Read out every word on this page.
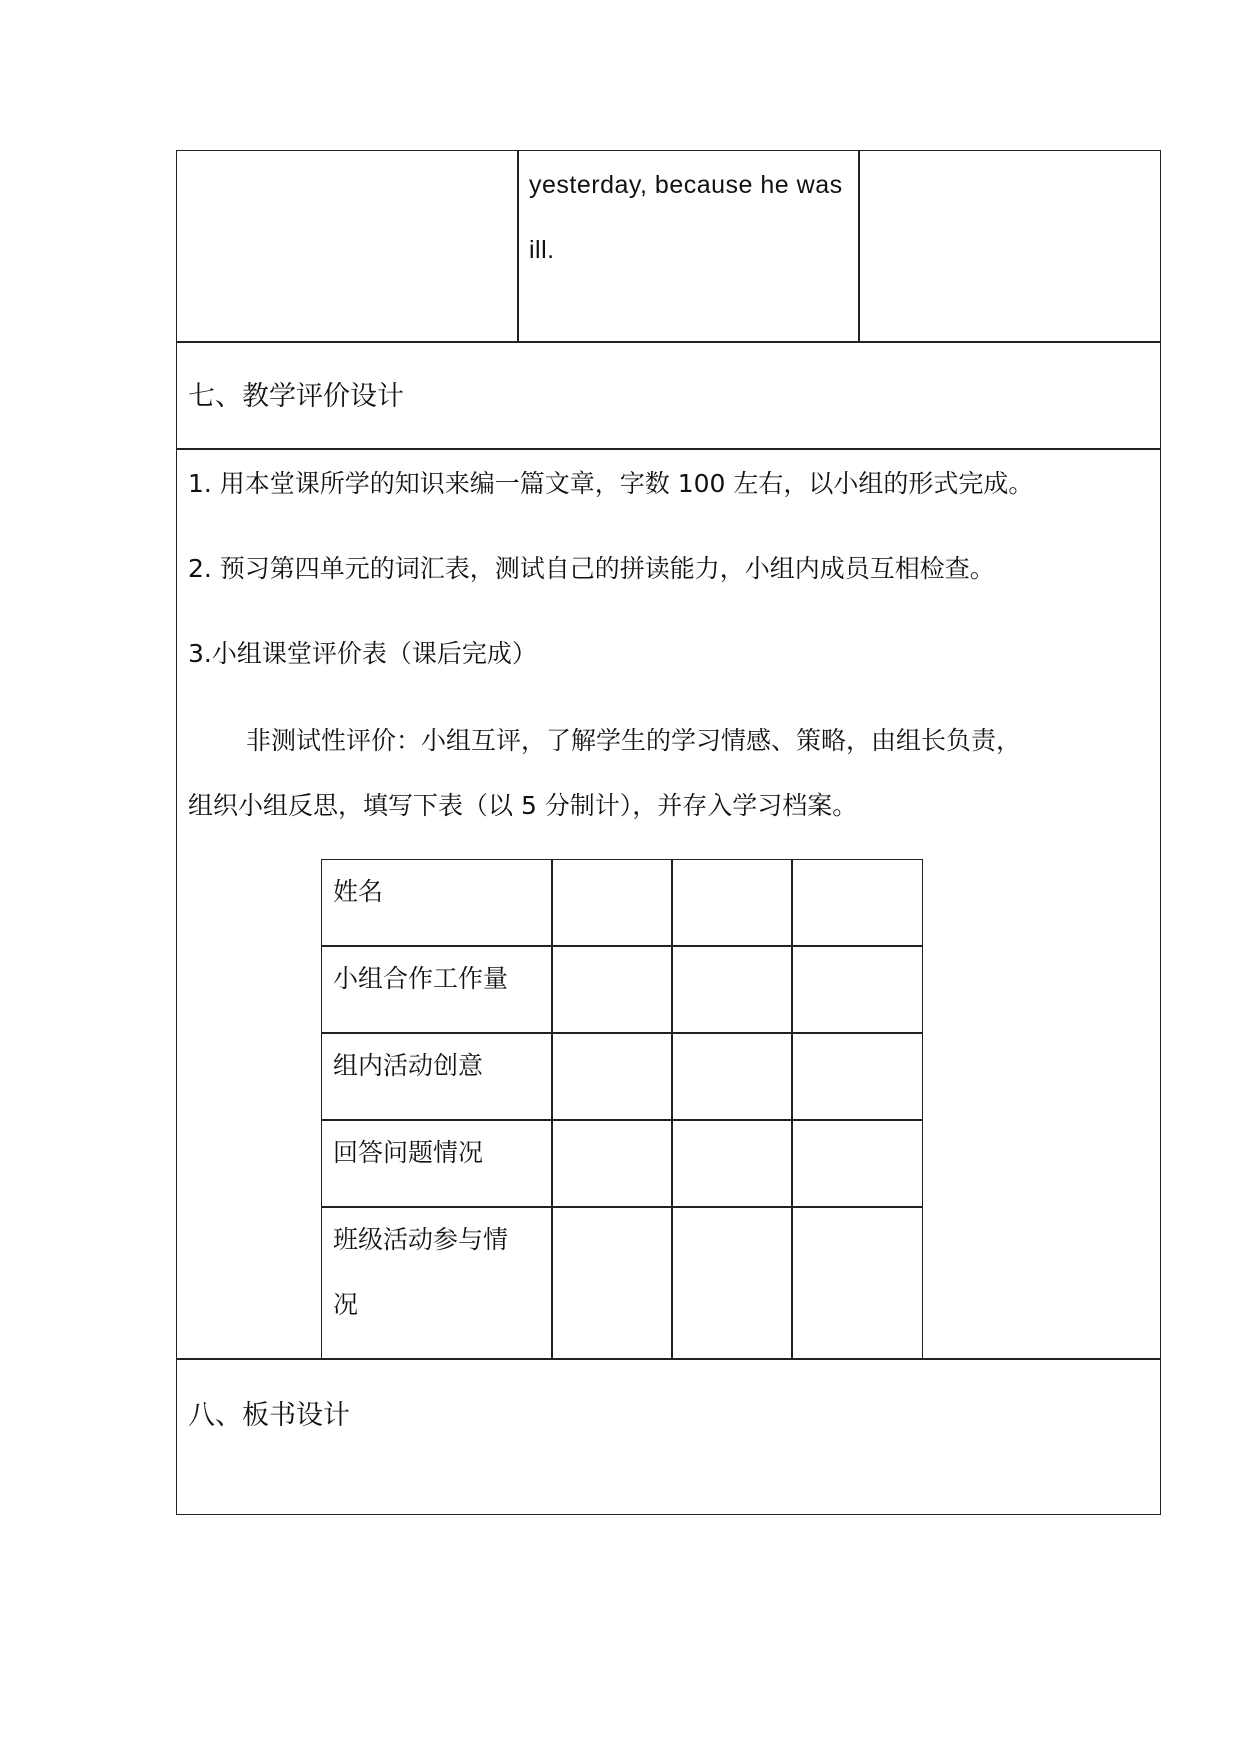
yesterday, because he was
ill.
七、教学评价设计
1. 用本堂课所学的知识来编一篇文章，字数 100 左右，以小组的形式完成。
2. 预习第四单元的词汇表，测试自己的拼读能力，小组内成员互相检查。
3.小组课堂评价表（课后完成）
非测试性评价：小组互评，了解学生的学习情感、策略，由组长负责，
组织小组反思，填写下表（以 5 分制计），并存入学习档案。
姓名
小组合作工作量
组内活动创意
回答问题情况
班级活动参与情
况
八、板书设计
